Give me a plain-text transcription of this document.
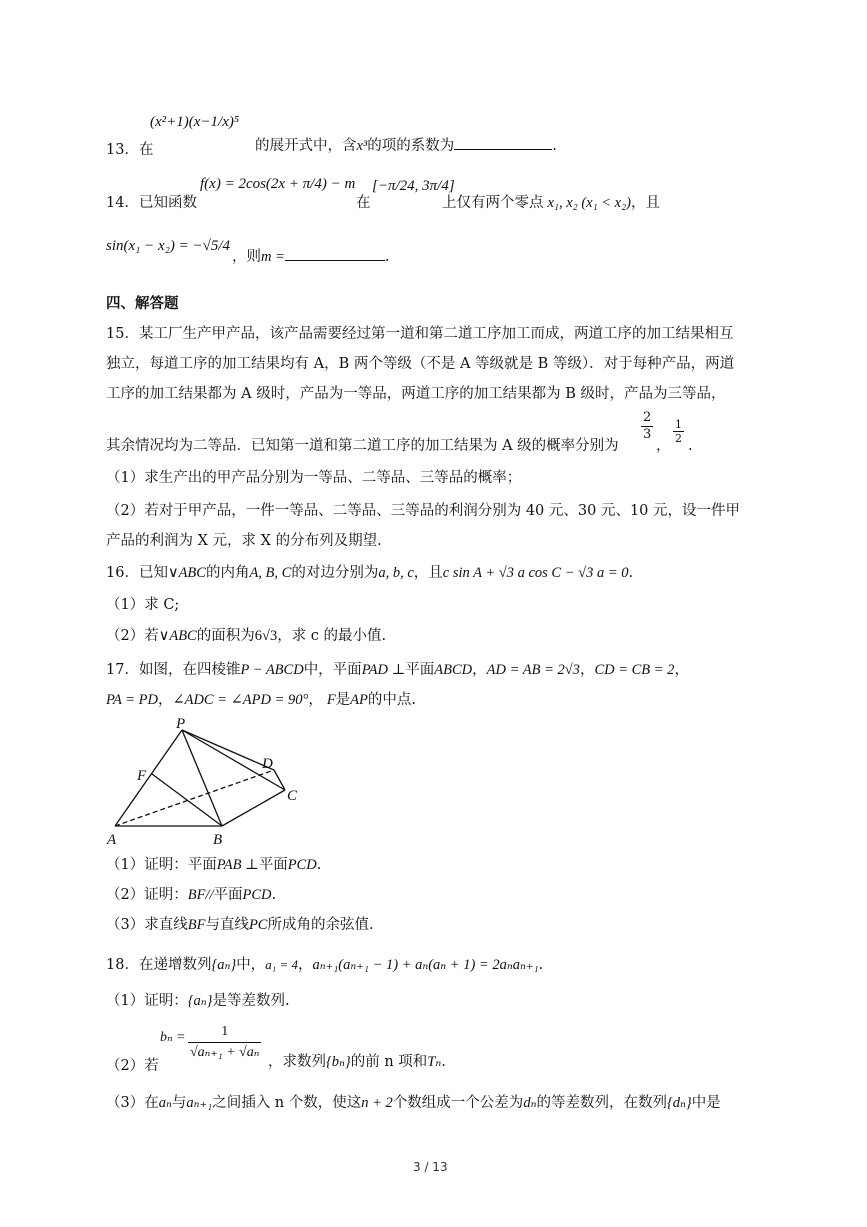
13．在
(x²+1)(x−1/x)⁵
的展开式中，含x³的项的系数为	.
14．已知函数
f(x) = 2cos(2x + π/4) − m
在
[−π/24, 3π/4]
上仅有两个零点 x₁, x₂ (x₁ < x₂)，且
sin(x₁ − x₂) = −√5/4
，则m =	.
四、解答题
15．某工厂生产甲产品，该产品需要经过第一道和第二道工序加工而成，两道工序的加工结果相互
独立，每道工序的加工结果均有 A，B 两个等级（不是 A 等级就是 B 等级）．对于每种产品，两道
工序的加工结果都为 A 级时，产品为一等品，两道工序的加工结果都为 B 级时，产品为三等品，
其余情况均为二等品．已知第一道和第二道工序的加工结果为 A 级的概率分别为
$\frac{2}{3}$
，
$\frac{1}{2}$
.
（1）求生产出的甲产品分别为一等品、二等品、三等品的概率；
（2）若对于甲产品，一件一等品、二等品、三等品的利润分别为 40 元、30 元、10 元，设一件甲
产品的利润为 X 元，求 X 的分布列及期望.
16．已知∨ABC的内角A, B, C的对边分别为a, b, c，且c sin A + √3 a cos C − √3 a = 0.
（1）求 C;
（2）若∨ABC的面积为6√3，求 c 的最小值.
17．如图，在四棱锥P − ABCD中，平面PAD ⊥平面ABCD，AD = AB = 2√3，CD = CB = 2，
PA = PD，∠ADC = ∠APD = 90°， F是AP的中点.
P
F
D
C
A	B
（1）证明：平面PAB ⊥平面PCD.
（2）证明：BF//平面PCD.
（3）求直线BF与直线PC所成角的余弦值.
18．在递增数列{aₙ}中，a₁ = 4，aₙ₊₁(aₙ₊₁ − 1) + aₙ(aₙ + 1) = 2aₙaₙ₊₁.
（1）证明：{aₙ}是等差数列.
（2）若
$b_n = \frac{1}{\text{√aₙ₊₁ + √aₙ}}$ ，求数列{bₙ}的前 n 项和Tₙ.
（3）在aₙ与aₙ₊₁之间插入 n 个数，使这n + 2个数组成一个公差为dₙ的等差数列，在数列{dₙ}中是
3 / 13
